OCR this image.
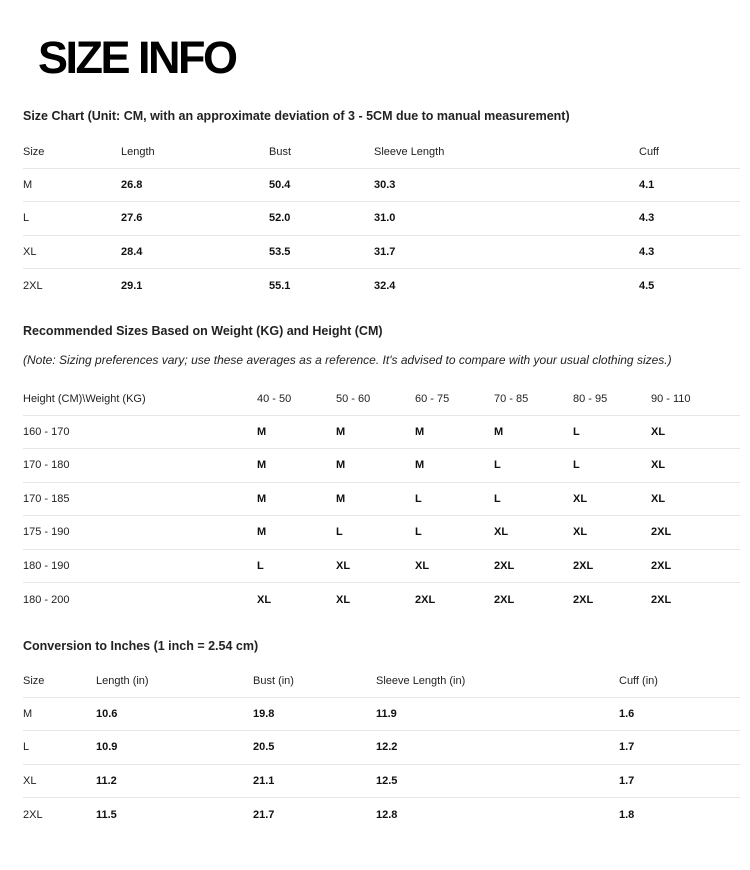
SIZE INFO

Size Chart (Unit: CM, with an approximate deviation of 3 - 5CM due to manual measurement)

Size	Length	Bust	Sleeve Length	Cuff
M	26.8	50.4	30.3	4.1
L	27.6	52.0	31.0	4.3
XL	28.4	53.5	31.7	4.3
2XL	29.1	55.1	32.4	4.5

Recommended Sizes Based on Weight (KG) and Height (CM)

(Note: Sizing preferences vary; use these averages as a reference. It's advised to compare with your usual clothing sizes.)

Height (CM)\Weight (KG)	40 - 50	50 - 60	60 - 75	70 - 85	80 - 95	90 - 110
160 - 170	M	M	M	M	L	XL
170 - 180	M	M	M	L	L	XL
170 - 185	M	M	L	L	XL	XL
175 - 190	M	L	L	XL	XL	2XL
180 - 190	L	XL	XL	2XL	2XL	2XL
180 - 200	XL	XL	2XL	2XL	2XL	2XL

Conversion to Inches (1 inch = 2.54 cm)

Size	Length (in)	Bust (in)	Sleeve Length (in)	Cuff (in)
M	10.6	19.8	11.9	1.6
L	10.9	20.5	12.2	1.7
XL	11.2	21.1	12.5	1.7
2XL	11.5	21.7	12.8	1.8
